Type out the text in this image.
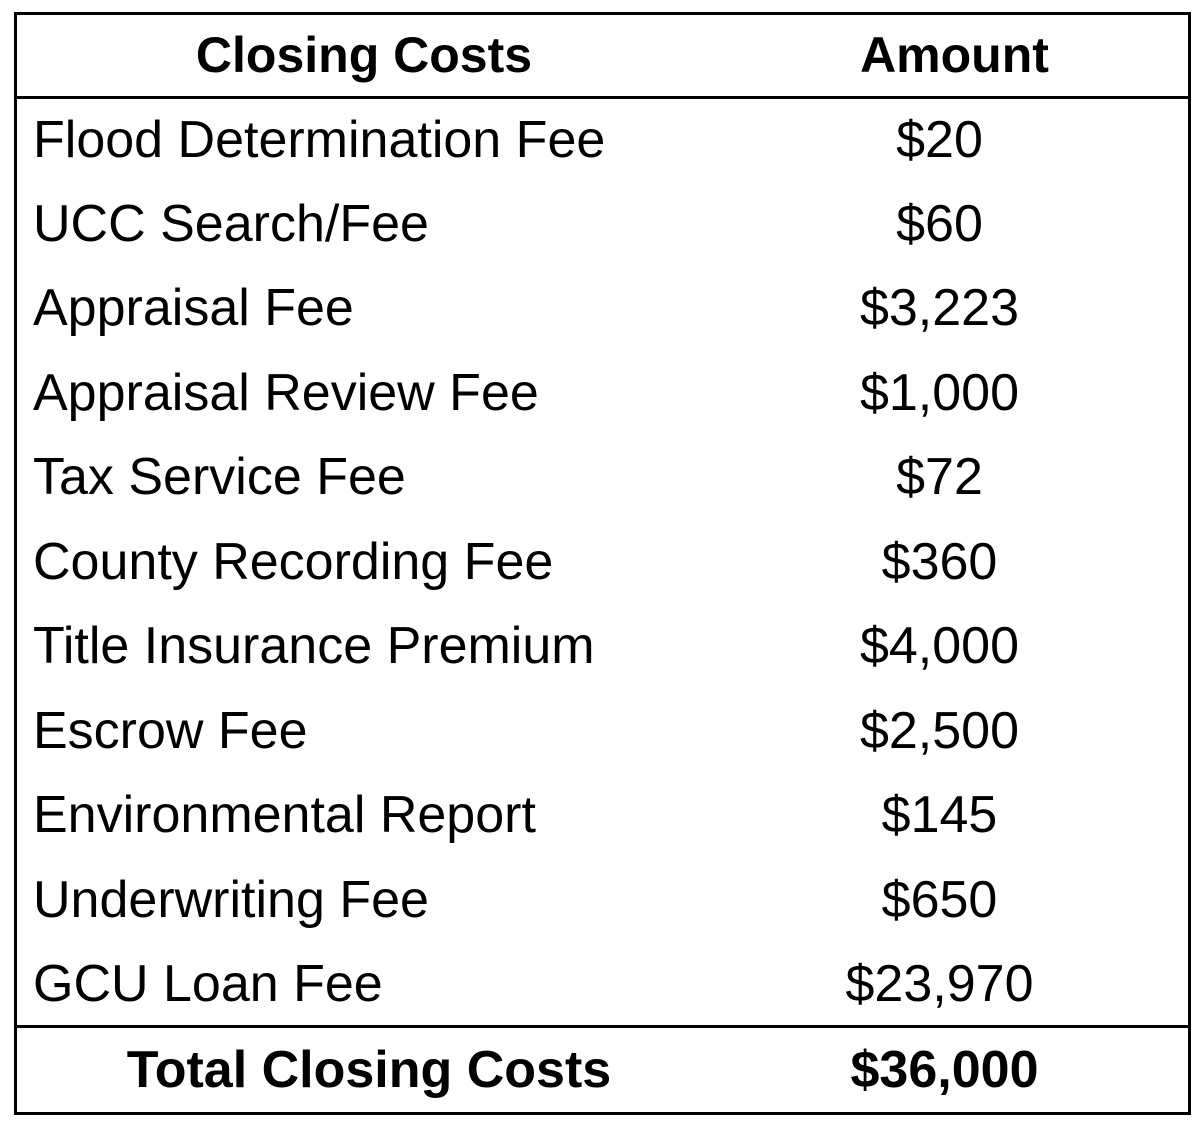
Closing Costs	Amount
Flood Determination Fee	$20
UCC Search/Fee	$60
Appraisal Fee	$3,223
Appraisal Review Fee	$1,000
Tax Service Fee	$72
County Recording Fee	$360
Title Insurance Premium	$4,000
Escrow Fee	$2,500
Environmental Report	$145
Underwriting Fee	$650
GCU Loan Fee	$23,970
Total Closing Costs	$36,000
